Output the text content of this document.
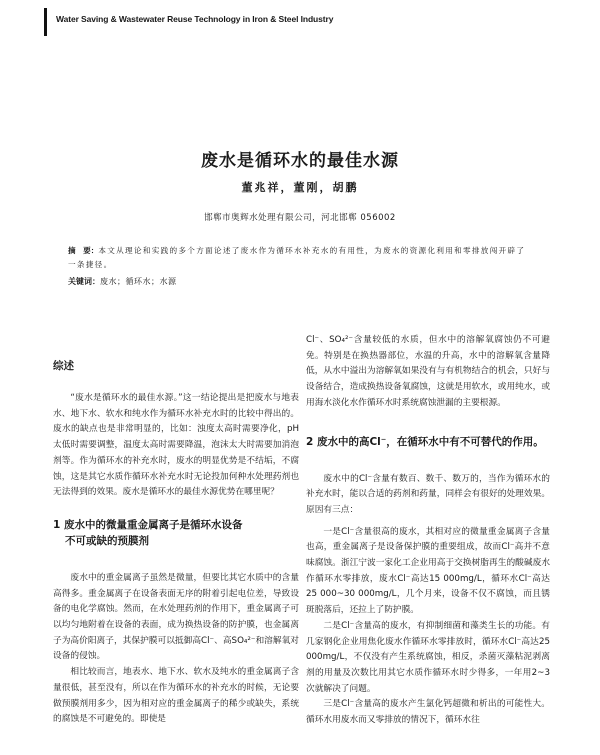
Water Saving & Wastewater Reuse Technology in Iron & Steel Industry
废水是循环水的最佳水源
董兆祥，董刚，胡鹏
邯郸市奥辉水处理有限公司，河北邯郸 056002
摘　要：本文从理论和实践的多个方面论述了废水作为循环水补充水的有用性，为废水的资源化利用和零排放闯开辟了一条捷径。
关键词：废水；循环水；水源
综述

“废水是循环水的最佳水源。”这一结论提出是把废水与地表水、地下水、软水和纯水作为循环水补充水时的比较中得出的。废水的缺点也是非常明显的，比如：浊度太高时需要净化，pH太低时需要调整，温度太高时需要降温，泡沫太大时需要加消泡剂等。作为循环水的补充水时，废水的明显优势是不结垢，不腐蚀，这是其它水质作循环水补充水时无论投加何种水处理药剂也无法得到的效果。废水是循环水的最佳水源优势在哪里呢？

1 废水中的微量重金属离子是循环水设备
不可或缺的预膜剂

废水中的重金属离子虽然是微量，但要比其它水质中的含量高得多。重金属离子在设备表面无序的附着引起电位差，导致设备的电化学腐蚀。然而，在水处理药剂的作用下，重金属离子可以均匀地附着在设备的表面，成为换热设备的防护膜，也金属离子为高价阳离子，其保护膜可以抵御高Cl⁻、高SO₄²⁻和溶解氧对设备的侵蚀。

相比较而言，地表水、地下水、软水及纯水的重金属离子含量很低，甚至没有，所以在作为循环水的补充水的时候，无论要做预膜剂用多少，因为相对应的重金属离子的稀少或缺失，系统的腐蚀是不可避免的。即使是

Cl⁻、SO₄²⁻含量较低的水质，但水中的溶解氧腐蚀仍不可避免。特别是在换热器部位，水温的升高，水中的溶解氧含量降低，从水中溢出为溶解氧如果没有与有机物结合的机会，只好与设备结合，造成换热设备氧腐蚀，这就是用软水，或用纯水，或用海水淡化水作循环水时系统腐蚀泄漏的主要根源。

2 废水中的高Cl⁻，在循环水中有不可替代的作用。

废水中的Cl⁻含量有数百、数千、数万的，当作为循环水的补充水时，能以合适的药剂和药量，同样会有很好的处理效果。原因有三点：

一是Cl⁻含量很高的废水，其相对应的微量重金属离子含量也高，重金属离子是设备保护膜的重要组成，故而Cl⁻高并不意味腐蚀。浙江宁波一家化工企业用高于交换树脂再生的酸碱废水作循环水零排放，废水Cl⁻高达15 000mg/L，循环水Cl⁻高达25 000~30 000mg/L，几个月来，设备不仅不腐蚀，而且锈斑脱落后，还拉上了防护膜。

二是Cl⁻含量高的废水，有抑制细菌和藻类生长的功能。有几家钢化企业用焦化废水作循环水零排放时，循环水Cl⁻高达25 000mg/L，不仅没有产生系统腐蚀，相反，杀菌灭藻粘泥剥离剂的用量及次数比用其它水质作循环水时少得多，一年用2~3次就解决了问题。

三是Cl⁻含量高的废水产生氯化钙超微和析出的可能性大。循环水用废水而又零排放的情况下，循环水往
